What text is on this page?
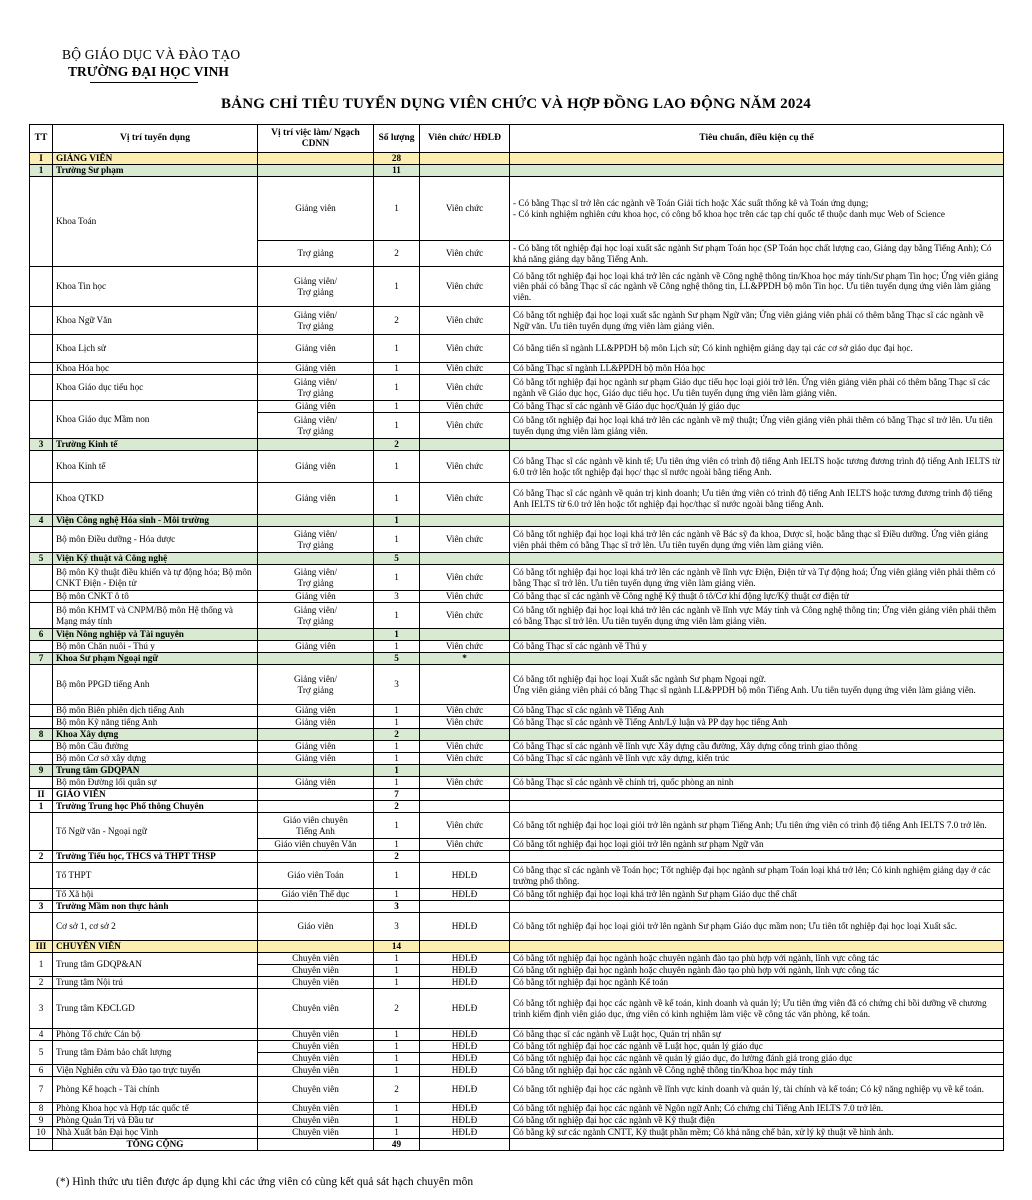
BỘ GIÁO DỤC VÀ ĐÀO TẠO
TRƯỜNG ĐẠI HỌC VINH
BẢNG CHỈ TIÊU TUYỂN DỤNG VIÊN CHỨC VÀ HỢP ĐỒNG LAO ĐỘNG NĂM 2024
TT	Vị trí tuyển dụng	Vị trí việc làm/ Ngạch CDNN	Số lượng	Viên chức/ HĐLĐ	Tiêu chuẩn, điều kiện cụ thể
I	GIẢNG VIÊN		28		
1	Trường Sư phạm		11		
	Khoa Toán	Giảng viên	1	Viên chức	- Có bằng Thạc sĩ trở lên các ngành về Toán Giải tích hoặc Xác suất thống kê và Toán ứng dụng;
- Có kinh nghiệm nghiên cứu khoa học, có công bố khoa học trên các tạp chí quốc tế thuộc danh mục Web of Science
		Trợ giảng	2	Viên chức	- Có bằng tốt nghiệp đại học loại xuất sắc ngành Sư phạm Toán học (SP Toán học chất lượng cao, Giảng dạy bằng Tiếng Anh); Có khả năng giảng dạy bằng Tiếng Anh.
	Khoa Tin học	Giảng viên/
Trợ giảng	1	Viên chức	Có bằng tốt nghiệp đại học loại khá trở lên các ngành về Công nghệ thông tin/Khoa học máy tính/Sư phạm Tin học; Ứng viên giảng viên phải có bằng Thạc sĩ các ngành về Công nghệ thông tin, LL&PPDH bộ môn Tin học. Ưu tiên tuyển dụng ứng viên làm giảng viên.
	Khoa Ngữ Văn	Giảng viên/
Trợ giảng	2	Viên chức	Có bằng tốt nghiệp đại học loại xuất sắc ngành Sư phạm Ngữ văn; Ứng viên giảng viên phải có thêm bằng Thạc sĩ các ngành về Ngữ văn. Ưu tiên tuyển dụng ứng viên làm giảng viên.
	Khoa Lịch sử	Giảng viên	1	Viên chức	Có bằng tiến sĩ ngành LL&PPDH bộ môn Lịch sử; Có kinh nghiệm giảng dạy tại các cơ sở giáo dục đại học.
	Khoa Hóa học	Giảng viên	1	Viên chức	Có bằng Thạc sĩ ngành LL&PPDH bộ môn Hóa học
	Khoa Giáo dục tiểu học	Giảng viên/
Trợ giảng	1	Viên chức	Có bằng tốt nghiệp đại học ngành sư phạm Giáo dục tiểu học loại giỏi trở lên. Ứng viên giảng viên phải có thêm bằng Thạc sĩ các ngành về Giáo dục học, Giáo dục tiểu học. Ưu tiên tuyển dụng ứng viên làm giảng viên.
	Khoa Giáo dục Mầm non	Giảng viên	1	Viên chức	Có bằng Thạc sĩ các ngành về Giáo dục học/Quản lý giáo dục
		Giảng viên/
Trợ giảng	1	Viên chức	Có bằng tốt nghiệp đại học loại khá trở lên các ngành về mỹ thuật; Ứng viên giảng viên phải thêm có bằng Thạc sĩ trở lên. Ưu tiên tuyển dụng ứng viên làm giảng viên.
3	Trường Kinh tế		2		
	Khoa Kinh tế	Giảng viên	1	Viên chức	Có bằng Thạc sĩ các ngành về kinh tế; Ưu tiên ứng viên có trình độ tiếng Anh IELTS hoặc tương đương trình độ tiếng Anh IELTS từ 6.0 trở lên hoặc tốt nghiệp đại học/ thạc sĩ nước ngoài bằng tiếng Anh.
	Khoa QTKD	Giảng viên	1	Viên chức	Có bằng Thạc sĩ các ngành về quản trị kinh doanh; Ưu tiên ứng viên có trình độ tiếng Anh IELTS hoặc tương đương trình độ tiếng Anh IELTS từ 6.0 trở lên hoặc tốt nghiệp đại học/thạc sĩ nước ngoài bằng tiếng Anh.
4	Viện Công nghệ Hóa sinh - Môi trường		1		
	Bộ môn Điều dưỡng - Hóa dược	Giảng viên/
Trợ giảng	1	Viên chức	Có bằng tốt nghiệp đại học loại khá trở lên các ngành về Bác sỹ đa khoa, Dược sĩ, hoặc bằng thạc sĩ Điều dưỡng. Ứng viên giảng viên phải thêm có bằng Thạc sĩ trở lên. Ưu tiên tuyển dụng ứng viên làm giảng viên.
5	Viện Kỹ thuật và Công nghệ		5		
	Bộ môn Kỹ thuật điều khiển và tự động hóa; Bộ môn CNKT Điện - Điện tử	Giảng viên/
Trợ giảng	1	Viên chức	Có bằng tốt nghiệp đại học loại khá trở lên các ngành về lĩnh vực Điện, Điện tử và Tự động hoá; Ứng viên giảng viên phải thêm có bằng Thạc sĩ trở lên. Ưu tiên tuyển dụng ứng viên làm giảng viên.
	Bộ môn CNKT ô tô	Giảng viên	3	Viên chức	Có bằng thạc sĩ các ngành về Công nghệ Kỹ thuật ô tô/Cơ khí động lực/Kỹ thuật cơ điện tử
	Bộ môn KHMT và CNPM/Bộ môn Hệ thống và Mạng máy tính	Giảng viên/
Trợ giảng	1	Viên chức	Có bằng tốt nghiệp đại học loại khá trở lên các ngành về lĩnh vực Máy tính và Công nghệ thông tin; Ứng viên giảng viên phải thêm có bằng Thạc sĩ trở lên. Ưu tiên tuyển dụng ứng viên làm giảng viên.
6	Viện Nông nghiệp và Tài nguyên		1		
	Bộ môn Chăn nuôi - Thú y	Giảng viên	1	Viên chức	Có bằng Thạc sĩ các ngành về Thú y
7	Khoa Sư phạm Ngoại ngữ		5	*	
	Bộ môn PPGD tiếng Anh	Giảng viên/
Trợ giảng	3		Có bằng tốt nghiệp đại học loại Xuất sắc ngành Sư phạm Ngoại ngữ.
Ứng viên giảng viên phải có bằng Thạc sĩ ngành LL&PPDH bộ môn Tiếng Anh. Ưu tiên tuyển dụng ứng viên làm giảng viên.
	Bộ môn Biên phiên dịch tiếng Anh	Giảng viên	1	Viên chức	Có bằng Thạc sĩ các ngành về Tiếng Anh
	Bộ môn Kỹ năng tiếng Anh	Giảng viên	1	Viên chức	Có bằng Thạc sĩ các ngành về Tiếng Anh/Lý luận và PP dạy học tiếng Anh
8	Khoa Xây dựng		2		
	Bộ môn Cầu đường	Giảng viên	1	Viên chức	Có bằng Thạc sĩ các ngành về lĩnh vực Xây dựng cầu đường, Xây dựng công trình giao thông
	Bộ môn Cơ sở xây dựng	Giảng viên	1	Viên chức	Có bằng Thạc sĩ các ngành về lĩnh vực xây dựng, kiến trúc
9	Trung tâm GDQPAN		1		
	Bộ môn Đường lối quân sự	Giảng viên	1	Viên chức	Có bằng Thạc sĩ các ngành về chính trị, quốc phòng an ninh
II	GIÁO VIÊN		7		
1	Trường Trung học Phổ thông Chuyên		2		
	Tổ Ngữ văn - Ngoại ngữ	Giáo viên chuyên
Tiếng Anh	1	Viên chức	Có bằng tốt nghiệp đại học loại giỏi trở lên ngành sư phạm Tiếng Anh; Ưu tiên ứng viên có trình độ tiếng Anh IELTS 7.0 trở lên.
		Giáo viên chuyên Văn	1	Viên chức	Có bằng tốt nghiệp đại học loại giỏi trở lên ngành sư phạm Ngữ văn
2	Trường Tiểu học, THCS và THPT THSP		2		
	Tổ THPT	Giáo viên Toán	1	HĐLĐ	Có bằng thạc sĩ các ngành về Toán học; Tốt nghiệp đại học ngành sư phạm Toán loại khá trở lên; Có kinh nghiệm giảng dạy ở các trường phổ thông.
	Tổ Xã hội	Giáo viên Thể dục	1	HĐLĐ	Có bằng tốt nghiệp đại học loại khá trở lên ngành Sư phạm Giáo dục thể chất
3	Trường Mầm non thực hành		3		
	Cơ sở 1, cơ sở 2	Giáo viên	3	HĐLĐ	Có bằng tốt nghiệp đại học loại giỏi trở lên ngành Sư phạm Giáo dục mầm non; Ưu tiên tốt nghiệp đại học loại Xuất sắc.
III	CHUYÊN VIÊN		14		
1	Trung tâm GDQP&AN	Chuyên viên	1	HĐLĐ	Có bằng tốt nghiệp đại học ngành hoặc chuyên ngành đào tạo phù hợp với ngành, lĩnh vực công tác
		Chuyên viên	1	HĐLĐ	Có bằng tốt nghiệp đại học ngành hoặc chuyên ngành đào tạo phù hợp với ngành, lĩnh vực công tác
2	Trung tâm Nội trú	Chuyên viên	1	HĐLĐ	Có bằng tốt nghiệp đại học ngành Kế toán
3	Trung tâm KĐCLGD	Chuyên viên	2	HĐLĐ	Có bằng tốt nghiệp đại học các ngành về kế toán, kinh doanh và quản lý; Ưu tiên ứng viên đã có chứng chỉ bồi dưỡng về chương trình kiểm định viên giáo dục, ứng viên có kinh nghiệm làm việc về công tác văn phòng, kế toán.
4	Phòng Tổ chức Cán bộ	Chuyên viên	1	HĐLĐ	Có bằng thạc sĩ các ngành về Luật học, Quản trị nhân sự
5	Trung tâm Đảm bảo chất lượng	Chuyên viên	1	HĐLĐ	Có bằng tốt nghiệp đại học các ngành về Luật học, quản lý giáo dục
		Chuyên viên	1	HĐLĐ	Có bằng tốt nghiệp đại học các ngành về quản lý giáo dục, đo lường đánh giá trong giáo dục
6	Viện Nghiên cứu và Đào tạo trực tuyến	Chuyên viên	1	HĐLĐ	Có bằng tốt nghiệp đại học các ngành về Công nghệ thông tin/Khoa học máy tính
7	Phòng Kế hoạch - Tài chính	Chuyên viên	2	HĐLĐ	Có bằng tốt nghiệp đại học các ngành về lĩnh vực kinh doanh và quản lý, tài chính và kế toán; Có kỹ năng nghiệp vụ về kế toán.
8	Phòng Khoa học và Hợp tác quốc tế	Chuyên viên	1	HĐLĐ	Có bằng tốt nghiệp đại học các ngành về Ngôn ngữ Anh; Có chứng chỉ Tiếng Anh IELTS 7.0 trở lên.
9	Phòng Quản Trị và Đầu tư	Chuyên viên	1	HĐLĐ	Có bằng tốt nghiệp đại học các ngành về Kỹ thuật điện
10	Nhà Xuất bản Đại học Vinh	Chuyên viên	1	HĐLĐ	Có bằng kỹ sư các ngành CNTT, Kỹ thuật phần mềm; Có khả năng chế bản, xử lý kỹ thuật về hình ảnh.
	TỔNG CỘNG		49		
(*) Hình thức ưu tiên được áp dụng khi các ứng viên có cùng kết quả sát hạch chuyên môn
